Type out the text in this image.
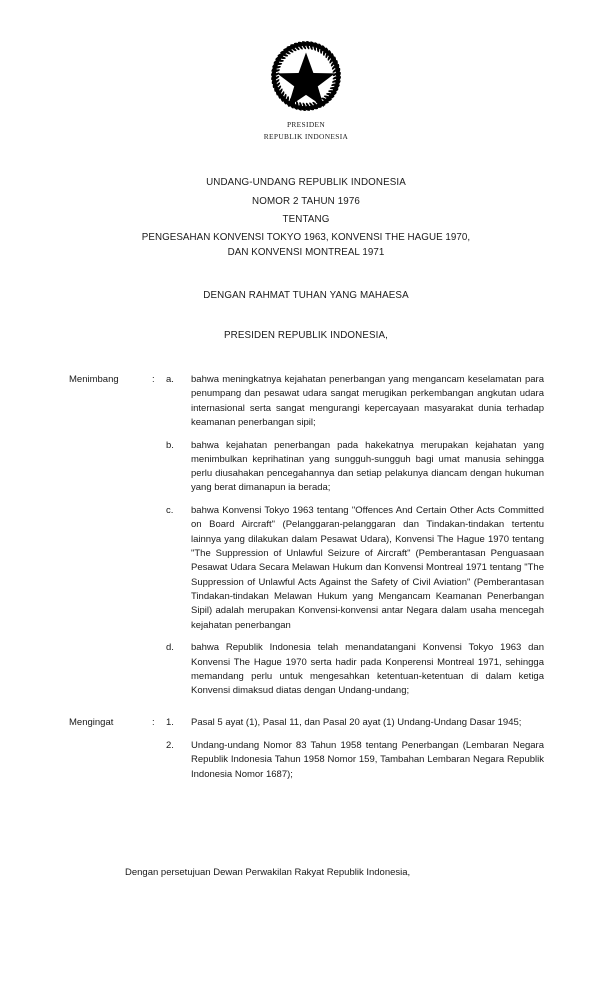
PRESIDEN
REPUBLIK INDONESIA
UNDANG-UNDANG REPUBLIK INDONESIA
NOMOR 2 TAHUN 1976
TENTANG
PENGESAHAN KONVENSI TOKYO 1963, KONVENSI THE HAGUE 1970,
DAN KONVENSI MONTREAL 1971
DENGAN RAHMAT TUHAN YANG MAHAESA
PRESIDEN REPUBLIK INDONESIA,
Menimbang	:	a.	bahwa meningkatnya kejahatan penerbangan yang mengancam keselamatan para penumpang dan pesawat udara sangat merugikan perkembangan angkutan udara internasional serta sangat mengurangi kepercayaan masyarakat dunia terhadap keamanan penerbangan sipil;
b.	bahwa kejahatan penerbangan pada hakekatnya merupakan kejahatan yang menimbulkan keprihatinan yang sungguh-sungguh bagi umat manusia sehingga perlu diusahakan pencegahannya dan setiap pelakunya diancam dengan hukuman yang berat dimanapun ia berada;
c.	bahwa Konvensi Tokyo 1963 tentang "Offences And Certain Other Acts Committed on Board Aircraft" (Pelanggaran-pelanggaran dan Tindakan-tindakan tertentu lainnya yang dilakukan dalam Pesawat Udara), Konvensi The Hague 1970 tentang "The Suppression of Unlawful Seizure of Aircraft" (Pemberantasan Penguasaan Pesawat Udara Secara Melawan Hukum dan Konvensi Montreal 1971 tentang "The Suppression of Unlawful Acts Against the Safety of Civil Aviation" (Pemberantasan Tindakan-tindakan Melawan Hukum yang Mengancam Keamanan Penerbangan Sipil) adalah merupakan Konvensi-konvensi antar Negara dalam usaha mencegah kejahatan penerbangan
d.	bahwa Republik Indonesia telah menandatangani Konvensi Tokyo 1963 dan Konvensi The Hague 1970 serta hadir pada Konperensi Montreal 1971, sehingga memandang perlu untuk mengesahkan ketentuan-ketentuan di dalam ketiga Konvensi dimaksud diatas dengan Undang-undang;
Mengingat	:	1.	Pasal 5 ayat (1), Pasal 11, dan Pasal 20 ayat (1) Undang-Undang Dasar 1945;
2.	Undang-undang Nomor 83 Tahun 1958 tentang Penerbangan (Lembaran Negara Republik Indonesia Tahun 1958 Nomor 159, Tambahan Lembaran Negara Republik Indonesia Nomor 1687);
Dengan persetujuan Dewan Perwakilan Rakyat Republik Indonesia,
